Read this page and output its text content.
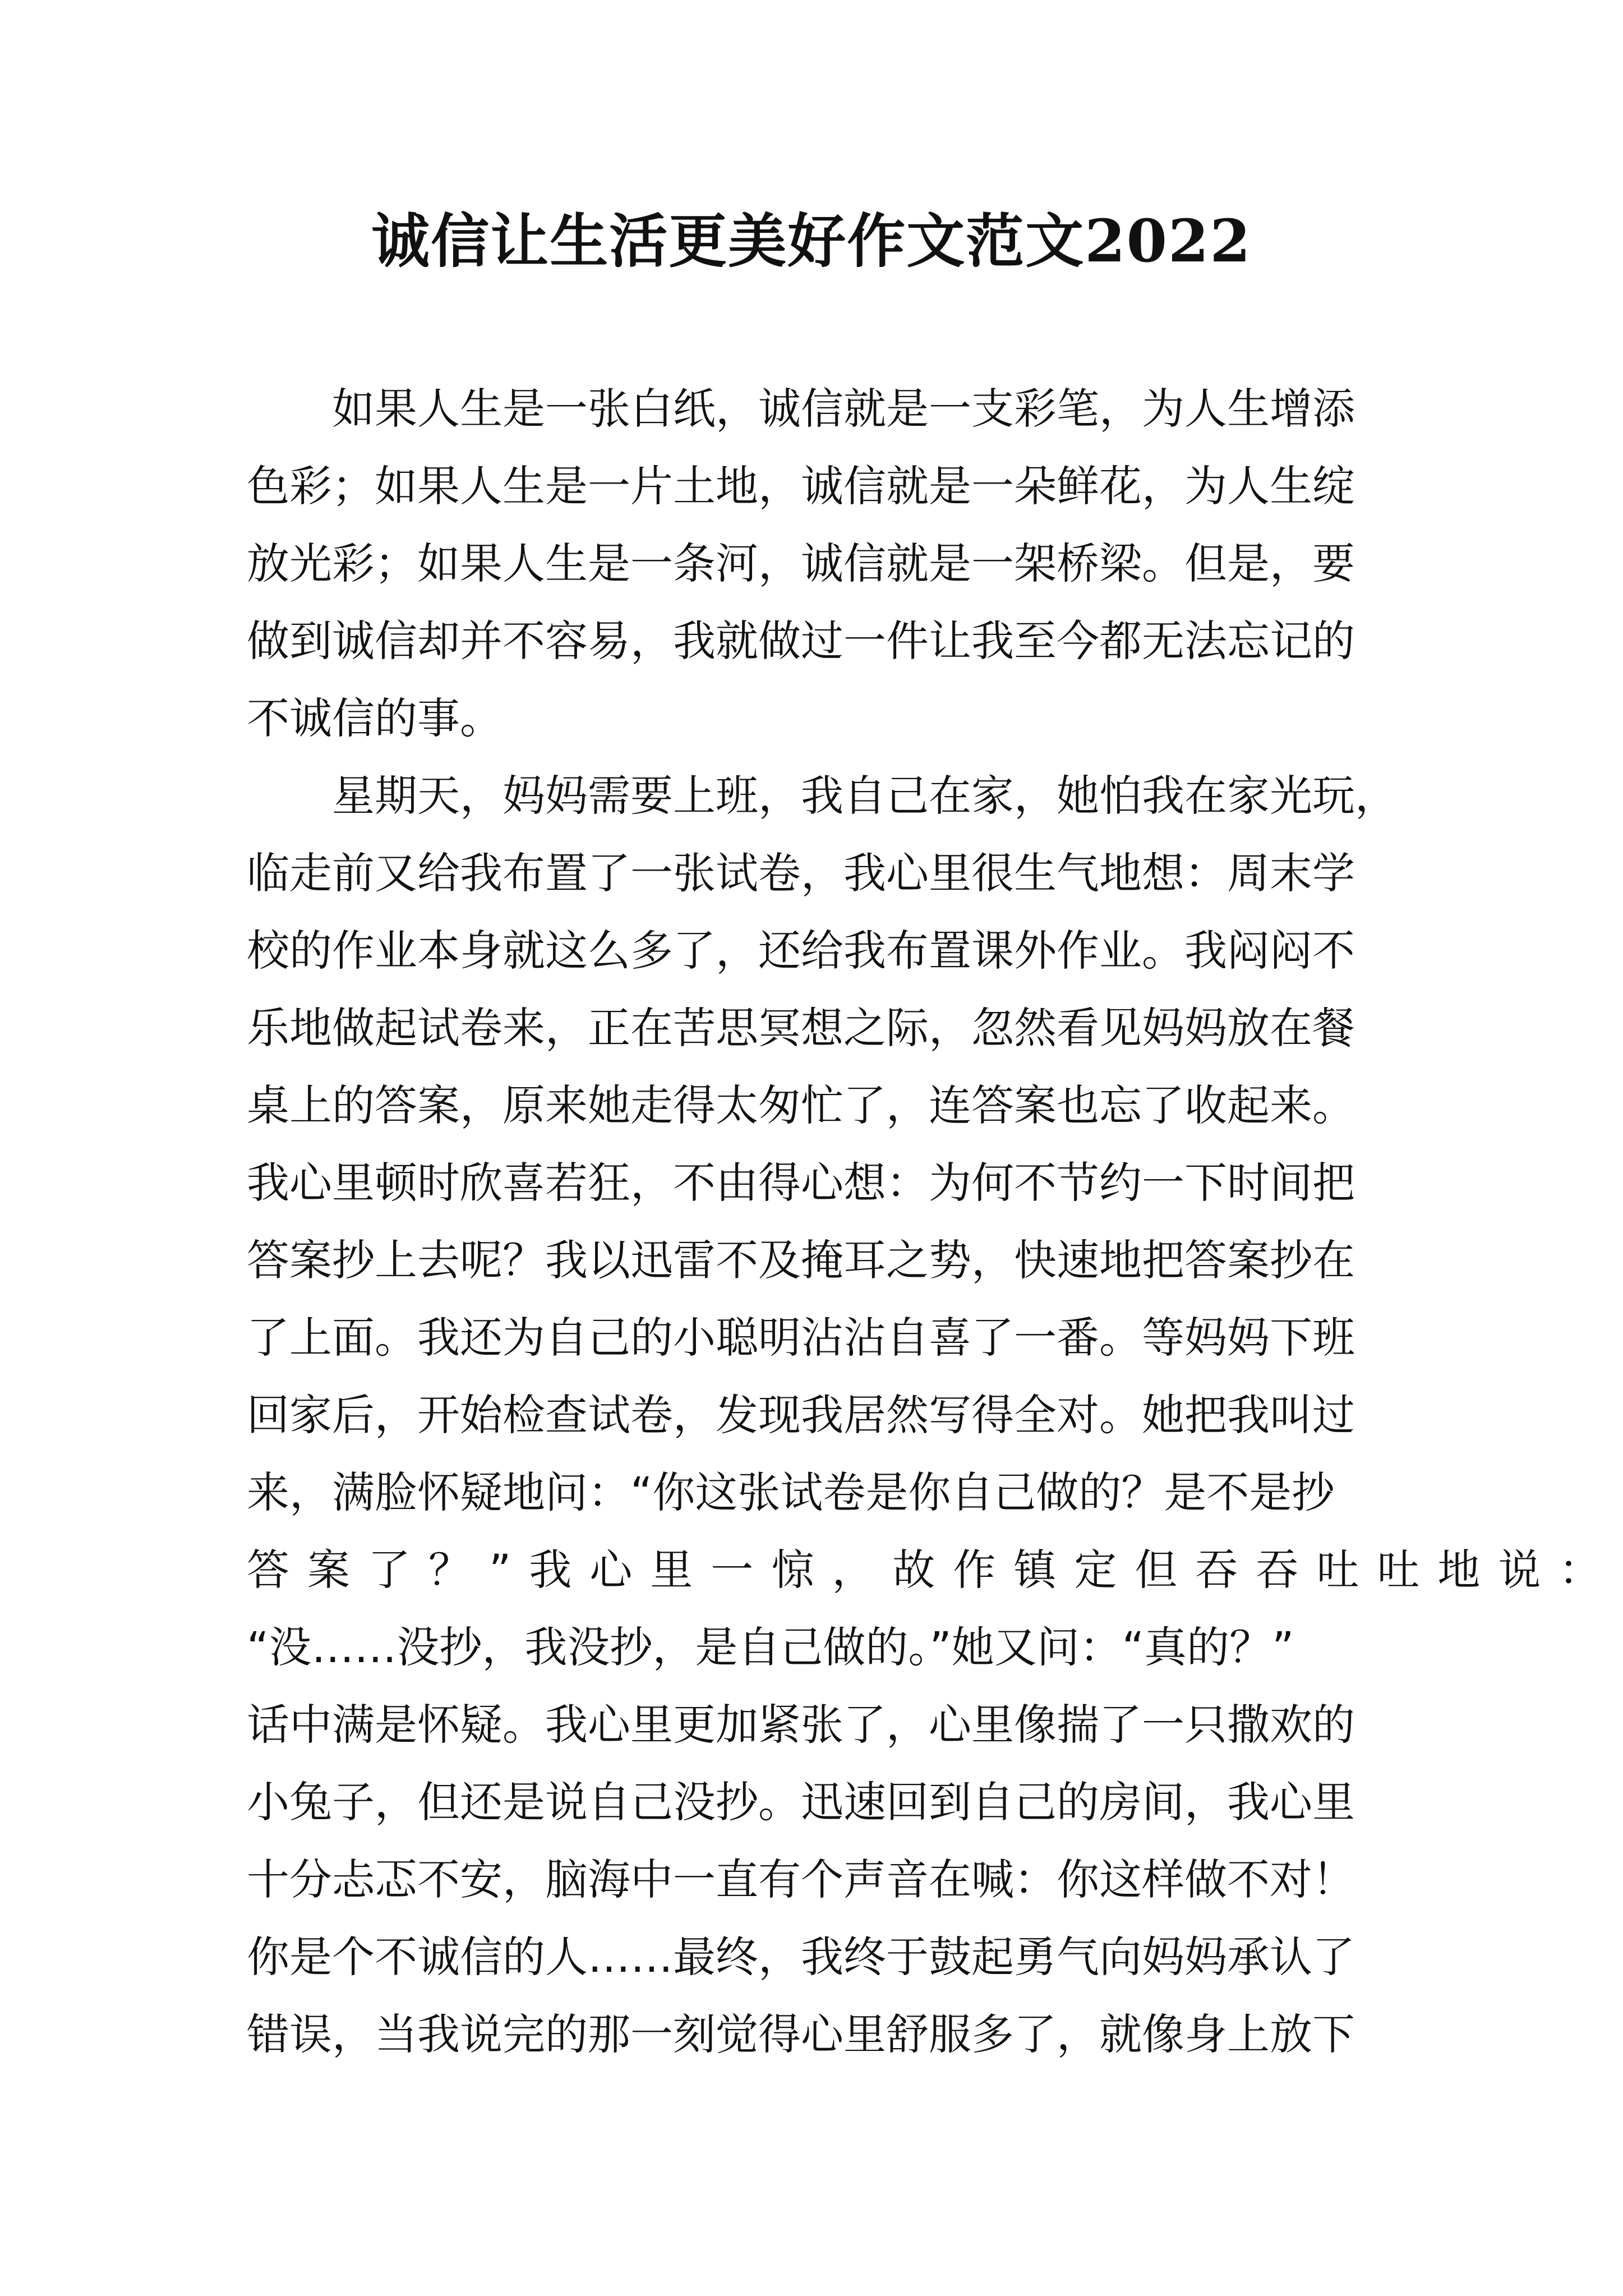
诚信让生活更美好作文范文2022
如果人生是一张白纸，诚信就是一支彩笔，为人生增添
色彩；如果人生是一片土地，诚信就是一朵鲜花，为人生绽
放光彩；如果人生是一条河，诚信就是一架桥梁。但是，要
做到诚信却并不容易，我就做过一件让我至今都无法忘记的
不诚信的事。
星期天，妈妈需要上班，我自己在家，她怕我在家光玩，
临走前又给我布置了一张试卷，我心里很生气地想：周末学
校的作业本身就这么多了，还给我布置课外作业。我闷闷不
乐地做起试卷来，正在苦思冥想之际，忽然看见妈妈放在餐
桌上的答案，原来她走得太匆忙了，连答案也忘了收起来。
我心里顿时欣喜若狂，不由得心想：为何不节约一下时间把
答案抄上去呢？我以迅雷不及掩耳之势，快速地把答案抄在
了上面。我还为自己的小聪明沾沾自喜了一番。等妈妈下班
回家后，开始检查试卷，发现我居然写得全对。她把我叫过
来，满脸怀疑地问：“你这张试卷是你自己做的？是不是抄
答案了？”我心里一惊，故作镇定但吞吞吐吐地说：
“没……没抄，我没抄，是自己做的。”她又问：“真的？”
话中满是怀疑。我心里更加紧张了，心里像揣了一只撒欢的
小兔子，但还是说自己没抄。迅速回到自己的房间，我心里
十分忐忑不安，脑海中一直有个声音在喊：你这样做不对！
你是个不诚信的人……最终，我终于鼓起勇气向妈妈承认了
错误，当我说完的那一刻觉得心里舒服多了，就像身上放下
